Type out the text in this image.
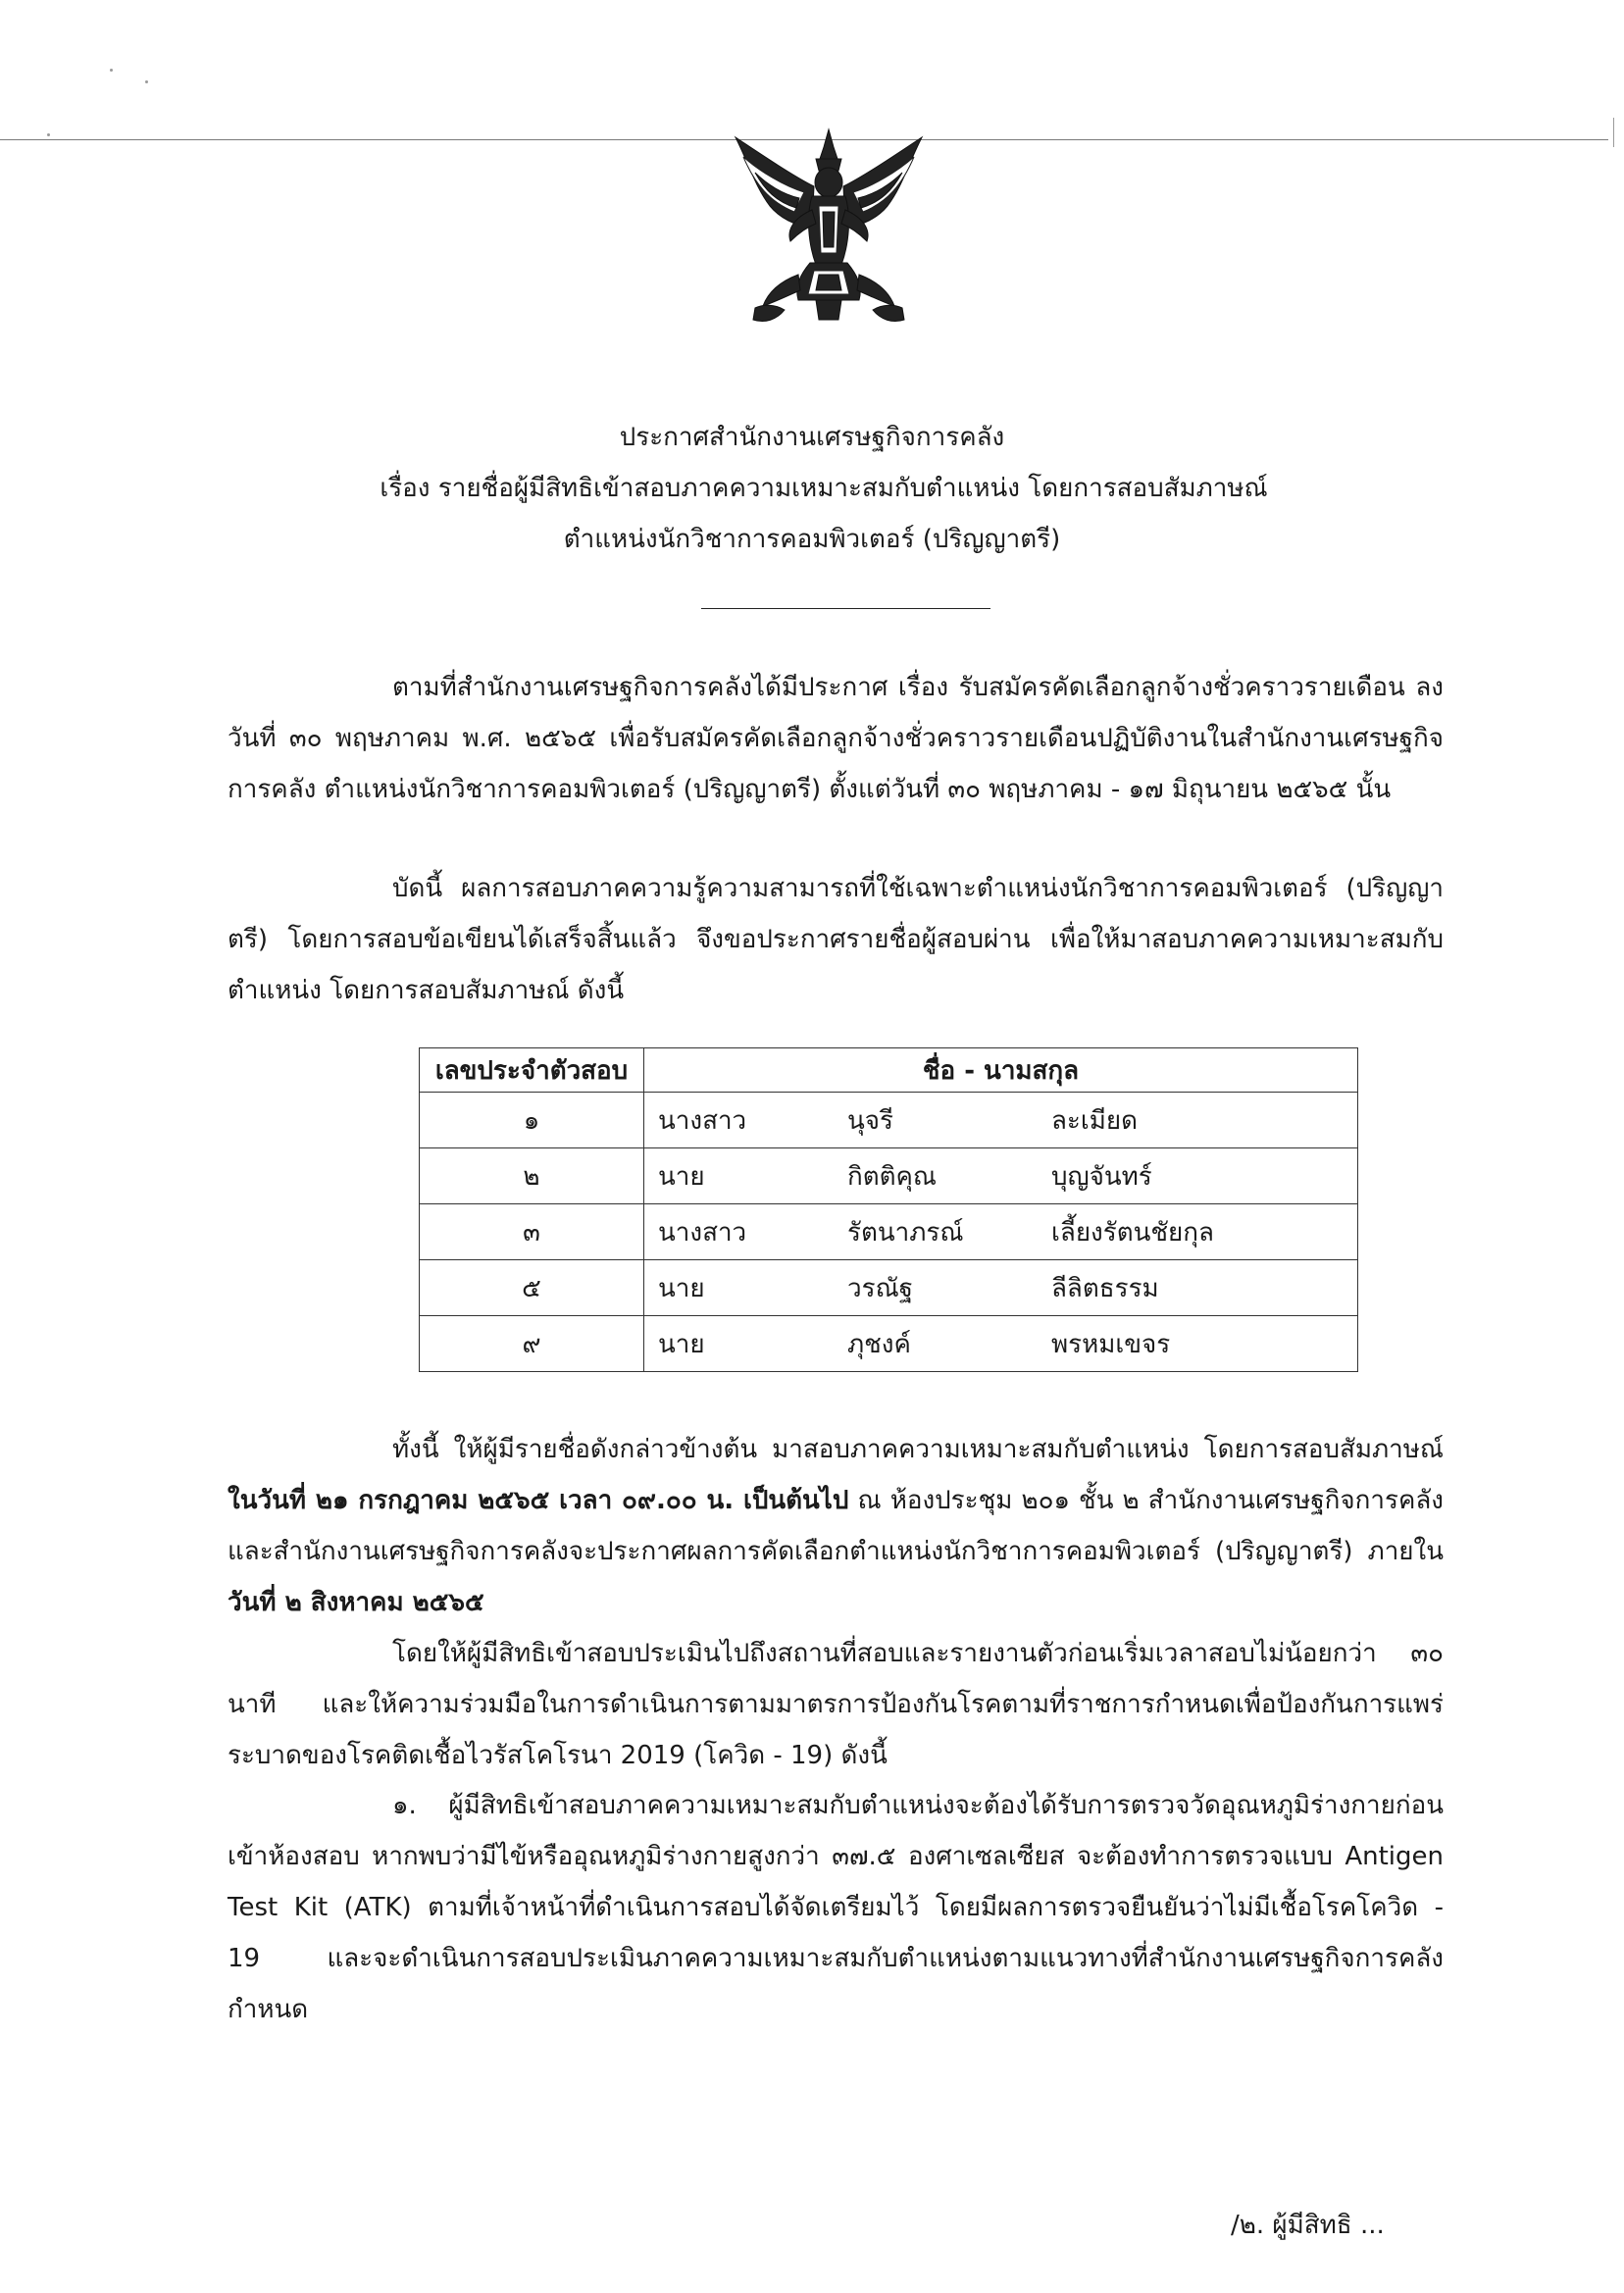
ประกาศสำนักงานเศรษฐกิจการคลัง
เรื่อง รายชื่อผู้มีสิทธิเข้าสอบภาคความเหมาะสมกับตำแหน่ง โดยการสอบสัมภาษณ์
ตำแหน่งนักวิชาการคอมพิวเตอร์ (ปริญญาตรี)
ตามที่สำนักงานเศรษฐกิจการคลังได้มีประกาศ เรื่อง รับสมัครคัดเลือกลูกจ้างชั่วคราวรายเดือน ลงวันที่ ๓๐ พฤษภาคม พ.ศ. ๒๕๖๕ เพื่อรับสมัครคัดเลือกลูกจ้างชั่วคราวรายเดือนปฏิบัติงานในสำนักงานเศรษฐกิจการคลัง ตำแหน่งนักวิชาการคอมพิวเตอร์ (ปริญญาตรี) ตั้งแต่วันที่ ๓๐ พฤษภาคม - ๑๗ มิถุนายน ๒๕๖๕ นั้น
บัดนี้ ผลการสอบภาคความรู้ความสามารถที่ใช้เฉพาะตำแหน่งนักวิชาการคอมพิวเตอร์ (ปริญญาตรี) โดยการสอบข้อเขียนได้เสร็จสิ้นแล้ว จึงขอประกาศรายชื่อผู้สอบผ่าน เพื่อให้มาสอบภาคความเหมาะสมกับตำแหน่ง โดยการสอบสัมภาษณ์ ดังนี้
เลขประจำตัวสอบ	ชื่อ - นามสกุล		
๑	นางสาว	นุจรี	ละเมียด
๒	นาย	กิตติคุณ	บุญจันทร์
๓	นางสาว	รัตนาภรณ์	เลี้ยงรัตนชัยกุล
๕	นาย	วรณัฐ	ลีลิตธรรม
๙	นาย	ภุชงค์	พรหมเขจร
ทั้งนี้ ให้ผู้มีรายชื่อดังกล่าวข้างต้น มาสอบภาคความเหมาะสมกับตำแหน่ง โดยการสอบสัมภาษณ์ในวันที่ ๒๑ กรกฎาคม ๒๕๖๕ เวลา ๐๙.๐๐ น. เป็นต้นไป ณ ห้องประชุม ๒๐๑ ชั้น ๒ สำนักงานเศรษฐกิจการคลัง และสำนักงานเศรษฐกิจการคลังจะประกาศผลการคัดเลือกตำแหน่งนักวิชาการคอมพิวเตอร์ (ปริญญาตรี) ภายในวันที่ ๒ สิงหาคม ๒๕๖๕
โดยให้ผู้มีสิทธิเข้าสอบประเมินไปถึงสถานที่สอบและรายงานตัวก่อนเริ่มเวลาสอบไม่น้อยกว่า ๓๐ นาที และให้ความร่วมมือในการดำเนินการตามมาตรการป้องกันโรคตามที่ราชการกำหนดเพื่อป้องกันการแพร่ระบาดของโรคติดเชื้อไวรัสโคโรนา 2019 (โควิด - 19) ดังนี้
๑. ผู้มีสิทธิเข้าสอบภาคความเหมาะสมกับตำแหน่งจะต้องได้รับการตรวจวัดอุณหภูมิร่างกายก่อนเข้าห้องสอบ หากพบว่ามีไข้หรืออุณหภูมิร่างกายสูงกว่า ๓๗.๕ องศาเซลเซียส จะต้องทำการตรวจแบบ Antigen Test Kit (ATK) ตามที่เจ้าหน้าที่ดำเนินการสอบได้จัดเตรียมไว้ โดยมีผลการตรวจยืนยันว่าไม่มีเชื้อโรคโควิด - 19 และจะดำเนินการสอบประเมินภาคความเหมาะสมกับตำแหน่งตามแนวทางที่สำนักงานเศรษฐกิจการคลังกำหนด
/๒. ผู้มีสิทธิ ...
